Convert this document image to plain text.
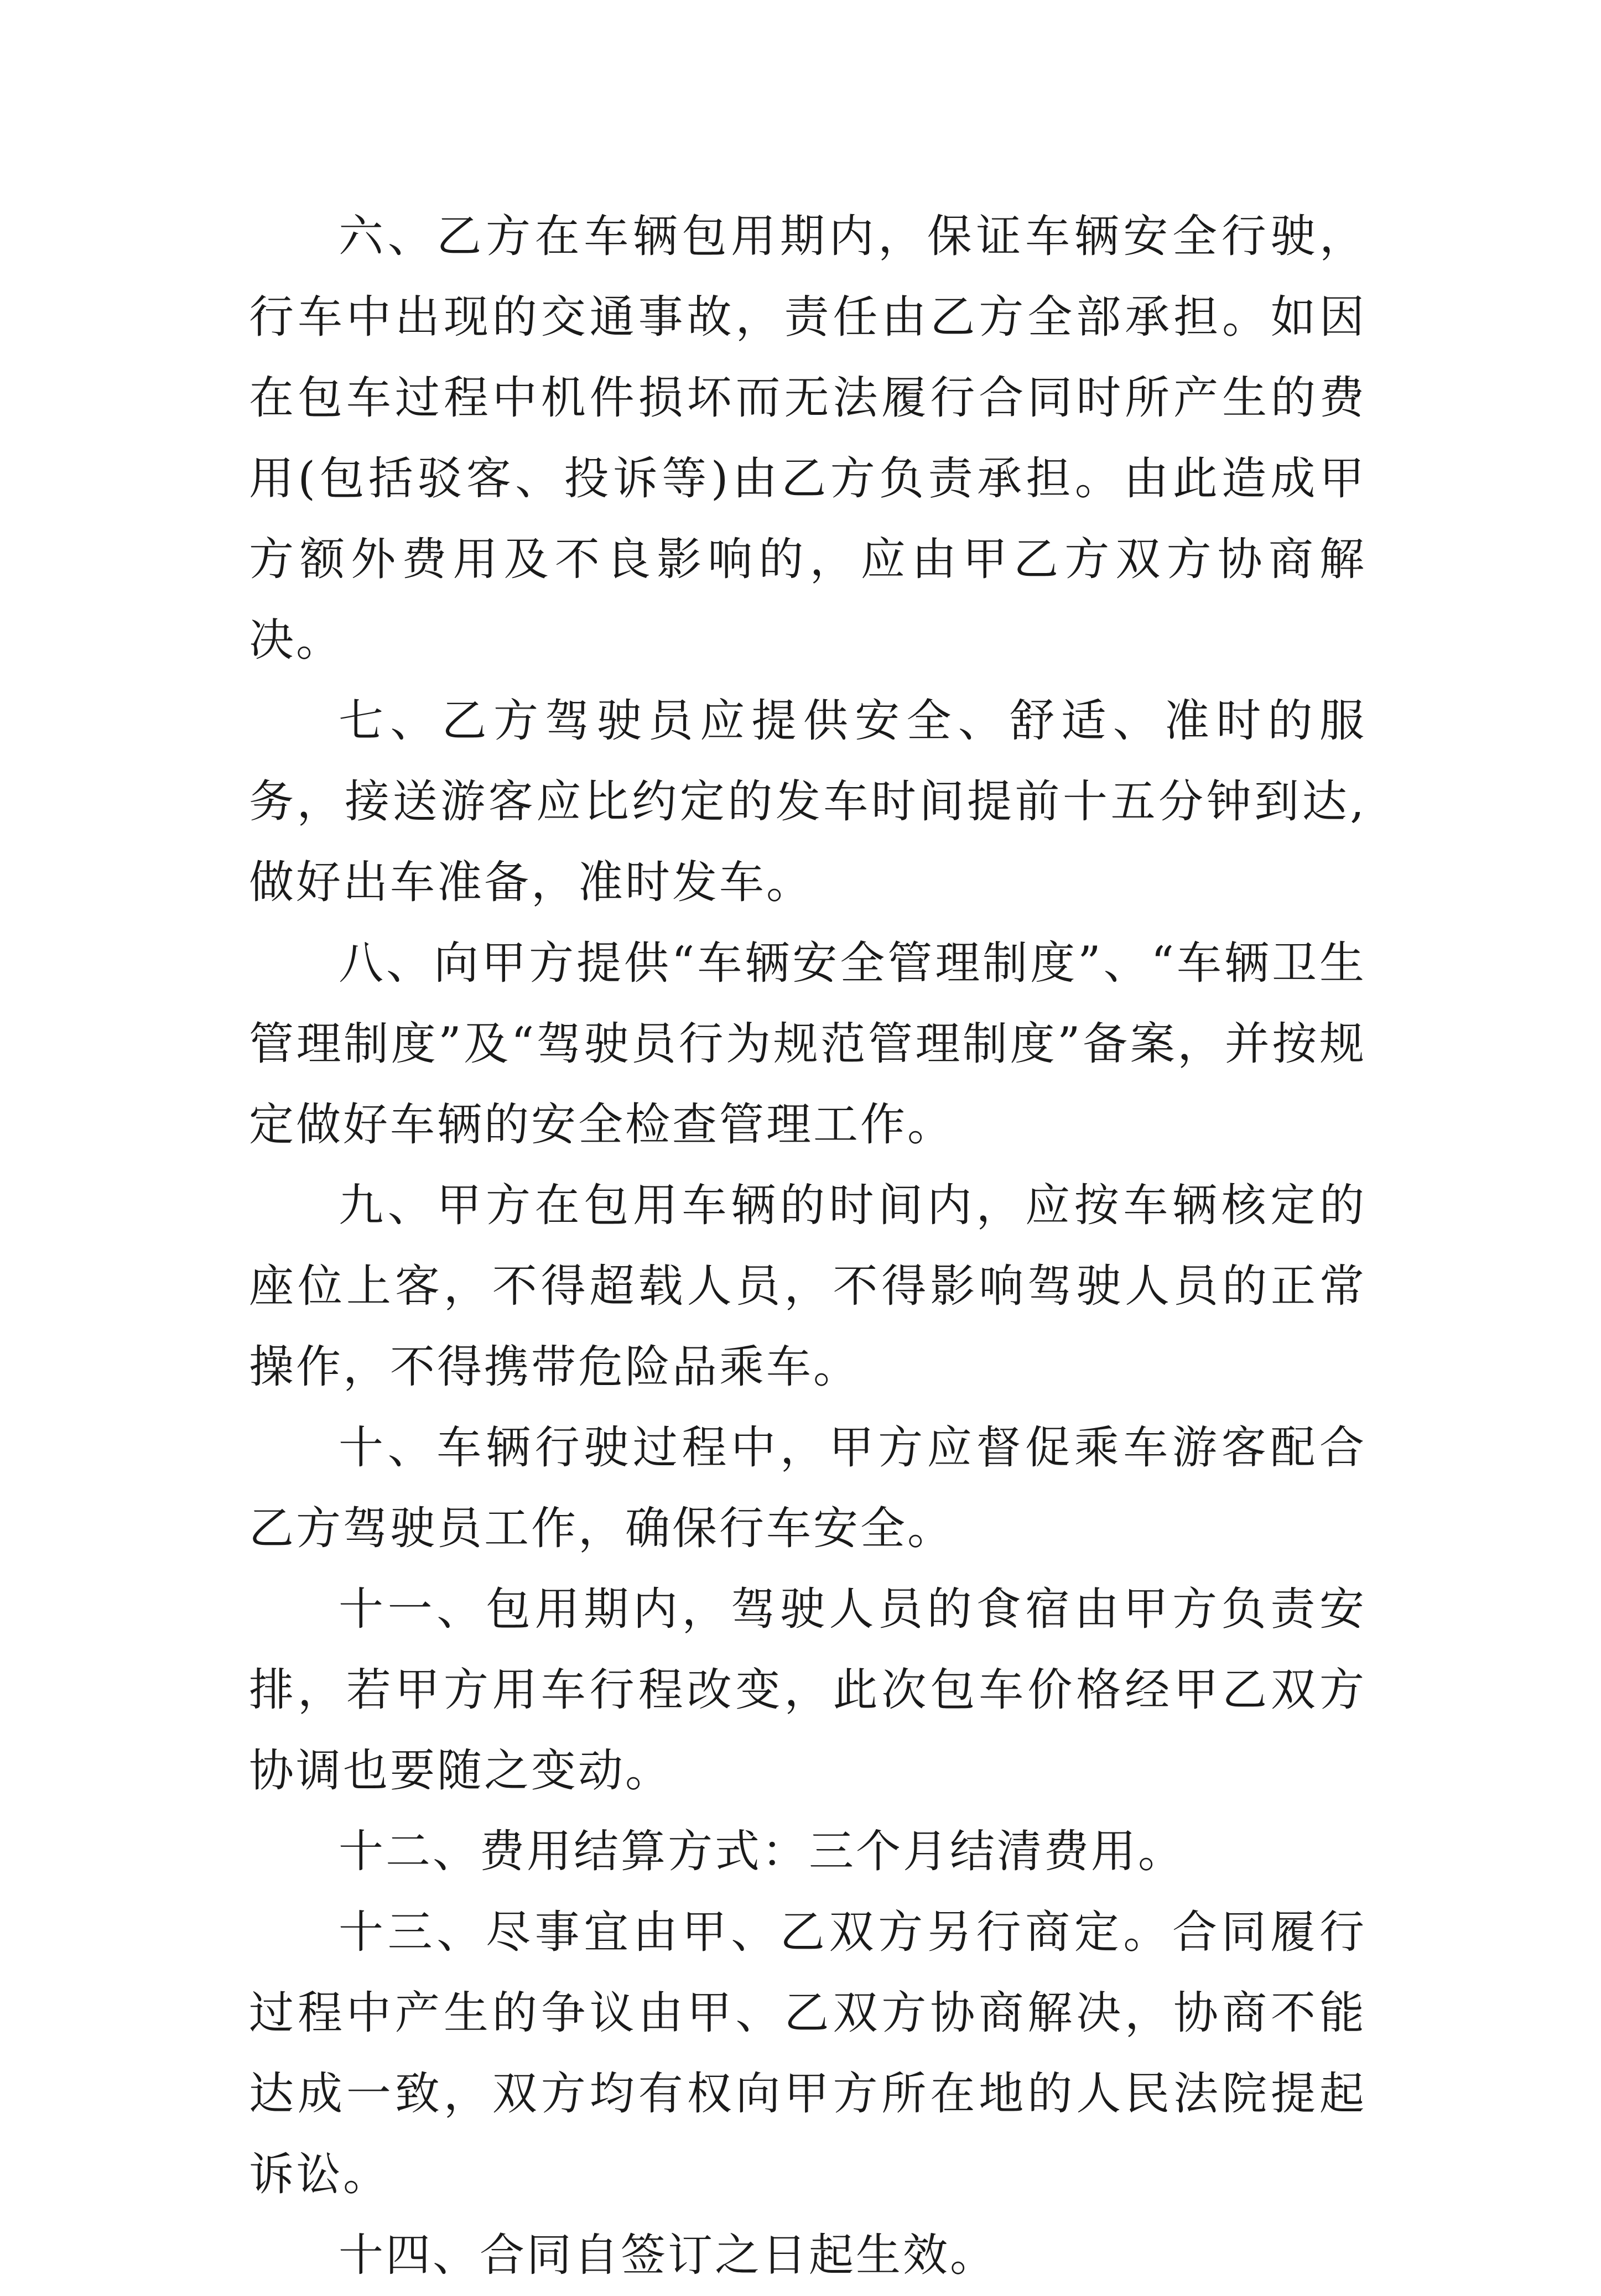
六、乙方在车辆包用期内，保证车辆安全行驶，行车中出现的交通事故，责任由乙方全部承担。如因在包车过程中机件损坏而无法履行合同时所产生的费用(包括驳客、投诉等)由乙方负责承担。由此造成甲方额外费用及不良影响的，应由甲乙方双方协商解决。

七、乙方驾驶员应提供安全、舒适、准时的服务，接送游客应比约定的发车时间提前十五分钟到达,做好出车准备，准时发车。

八、向甲方提供“车辆安全管理制度”、“车辆卫生管理制度”及“驾驶员行为规范管理制度”备案，并按规定做好车辆的安全检查管理工作。

九、甲方在包用车辆的时间内，应按车辆核定的座位上客，不得超载人员，不得影响驾驶人员的正常操作，不得携带危险品乘车。

十、车辆行驶过程中，甲方应督促乘车游客配合乙方驾驶员工作，确保行车安全。

十一、包用期内，驾驶人员的食宿由甲方负责安排，若甲方用车行程改变，此次包车价格经甲乙双方协调也要随之变动。

十二、费用结算方式：三个月结清费用。

十三、尽事宜由甲、乙双方另行商定。合同履行过程中产生的争议由甲、乙双方协商解决，协商不能达成一致，双方均有权向甲方所在地的人民法院提起诉讼。

十四、合同自签订之日起生效。
